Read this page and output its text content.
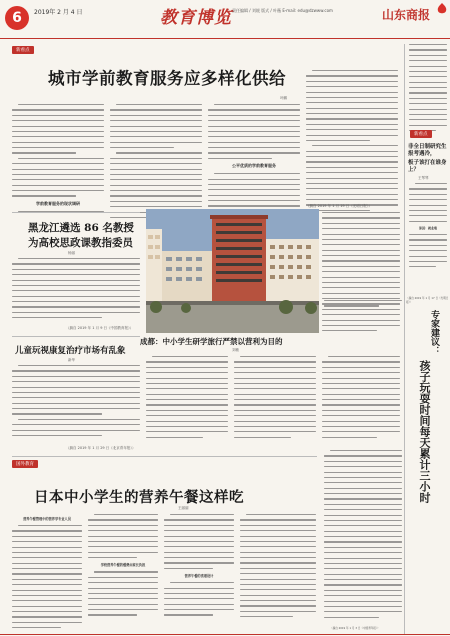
6	2019年 2 月 4 日	教育博览 责任编辑 / 刘媛 版式 / 叶薇 E-mail: edu@dzwww.com	山东商报
新看点
城市学前教育服务应多样化供给
叶鹏
学前教育服务的现状调研
公平优质的学前教育服务
（摘自 2019 年 1 月 19 日《光明日报》）
黑龙江遴选 86 名教授
为高校思政课教指委员
杨丽
（摘自 2019 年 1 月 9 日《中国教育报》）
儿童玩视康复治疗市场有乱象
新华
（摘自 2019 年 1 月 29 日《北京青年报》）
成都：中小学生研学旅行严禁以营利为目的
刘敏
新看点
非全日制研究生报考遇冷，
板子该打在谁身上？
王琴琴
原因：就业难
（摘自 2019 年 1 月 17 日《光明日报》）
专家建议：
孩子玩耍时间每天累计三小时
（摘自 2019 年 1 月 3 日《中国青年报》）
国外教育
日本中小学生的营养午餐这样吃
王丽丽
营养午餐管理中的营养学专业人员
学校营养午餐的餐费由家长负担
营养午餐的食谱设计
